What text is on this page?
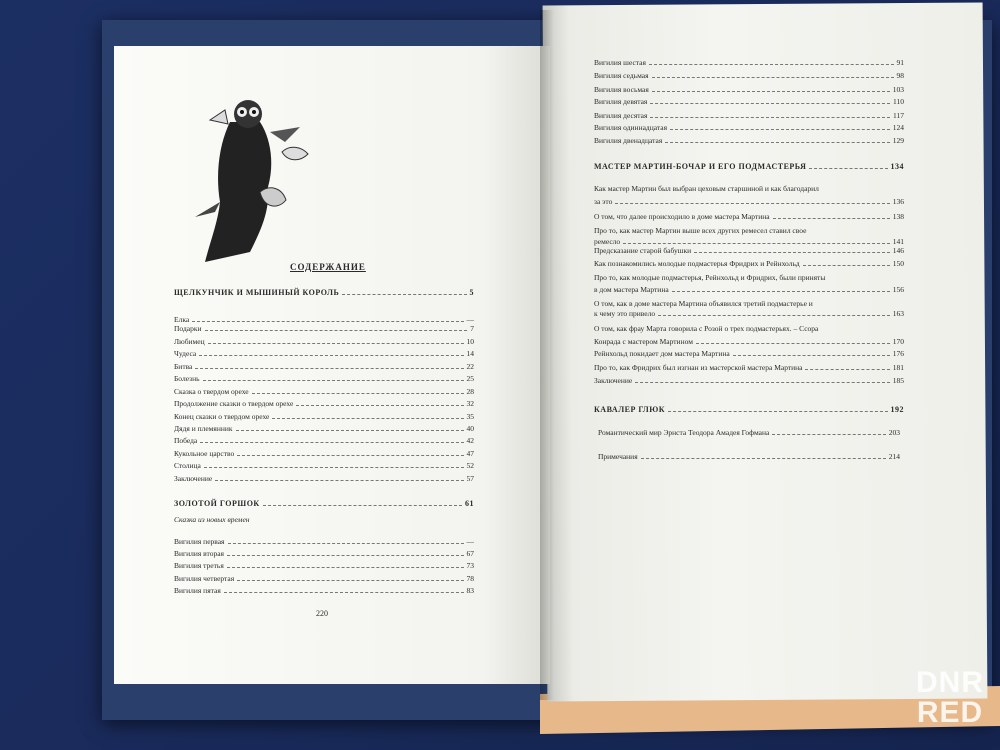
СОДЕРЖАНИЕ
ЩЕЛКУНЧИК И МЫШИНЫЙ КОРОЛЬ	5
Елка	—
Подарки	7
Любимец	10
Чудеса	14
Битва	22
Болезнь	25
Сказка о твердом орехе	28
Продолжение сказки о твердом орехе	32
Конец сказки о твердом орехе	35
Дядя и племянник	40
Победа	42
Кукольное царство	47
Столица	52
Заключение	57
ЗОЛОТОЙ ГОРШОК	61
Сказка из новых времен
Вигилия первая	—
Вигилия вторая	67
Вигилия третья	73
Вигилия четвертая	78
Вигилия пятая	83
Вигилия шестая	91
Вигилия седьмая	98
Вигилия восьмая	103
Вигилия девятая	110
Вигилия десятая	117
Вигилия одиннадцатая	124
Вигилия двенадцатая	129
МАСТЕР МАРТИН-БОЧАР И ЕГО ПОДМАСТЕРЬЯ	134
Как мастер Мартин был выбран цеховым старшиной и как благодарил
за это	136
О том, что далее происходило в доме мастера Мартина	138
Про то, как мастер Мартин выше всех других ремесел ставил свое
ремесло	141
Предсказание старой бабушки	146
Как познакомились молодые подмастерья Фридрих и Рейнхольд	150
Про то, как молодые подмастерья, Рейнхольд и Фридрих, были приняты
в дом мастера Мартина	156
О том, как в доме мастера Мартина объявился третий подмастерье и
к чему это привело	163
О том, как фрау Марта говорила с Розой о трех подмастерьях. – Ссора
Конрада с мастером Мартином	170
Рейнхольд покидает дом мастера Мартина	176
Про то, как Фридрих был изгнан из мастерской мастера Мартина	181
Заключение	185
КАВАЛЕР ГЛЮК	192
Романтический мир Эрнста Теодора Амадея Гофмана	203
Примечания	214
220
DNR
RED
